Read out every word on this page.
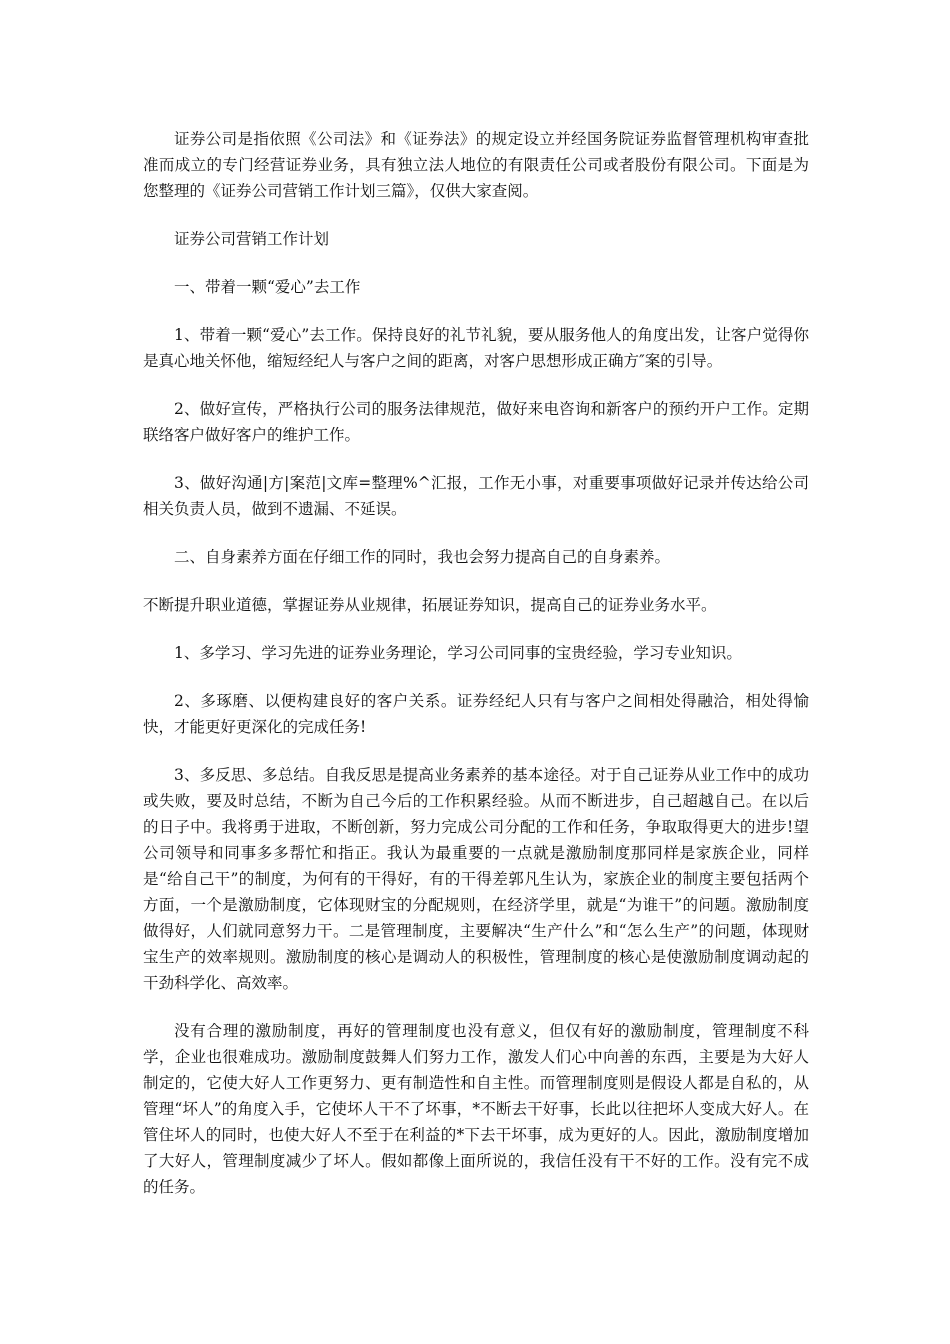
证券公司是指依照《公司法》和《证券法》的规定设立并经国务院证券监督管理机构审查批准而成立的专门经营证券业务，具有独立法人地位的有限责任公司或者股份有限公司。下面是为您整理的《证券公司营销工作计划三篇》，仅供大家查阅。

证券公司营销工作计划

一、带着一颗“爱心”去工作

1、带着一颗“爱心”去工作。保持良好的礼节礼貌，要从服务他人的角度出发，让客户觉得你是真心地关怀他，缩短经纪人与客户之间的距离，对客户思想形成正确方″案的引导。

2、做好宣传，严格执行公司的服务法律规范，做好来电咨询和新客户的预约开户工作。定期联络客户做好客户的维护工作。

3、做好沟通|方|案范|文库=整理%^汇报，工作无小事，对重要事项做好记录并传达给公司相关负责人员，做到不遗漏、不延误。

二、自身素养方面在仔细工作的同时，我也会努力提高自己的自身素养。

不断提升职业道德，掌握证券从业规律，拓展证券知识，提高自己的证券业务水平。

1、多学习、学习先进的证券业务理论，学习公司同事的宝贵经验，学习专业知识。

2、多琢磨、以便构建良好的客户关系。证券经纪人只有与客户之间相处得融洽，相处得愉快，才能更好更深化的完成任务!

3、多反思、多总结。自我反思是提高业务素养的基本途径。对于自己证券从业工作中的成功或失败，要及时总结，不断为自己今后的工作积累经验。从而不断进步，自己超越自己。在以后的日子中。我将勇于进取，不断创新，努力完成公司分配的工作和任务，争取取得更大的进步!望公司领导和同事多多帮忙和指正。我认为最重要的一点就是激励制度那同样是家族企业，同样是“给自己干”的制度，为何有的干得好，有的干得差郭凡生认为，家族企业的制度主要包括两个方面，一个是激励制度，它体现财宝的分配规则，在经济学里，就是“为谁干”的问题。激励制度做得好，人们就同意努力干。二是管理制度，主要解决“生产什么”和“怎么生产”的问题，体现财宝生产的效率规则。激励制度的核心是调动人的积极性，管理制度的核心是使激励制度调动起的干劲科学化、高效率。

没有合理的激励制度，再好的管理制度也没有意义，但仅有好的激励制度，管理制度不科学，企业也很难成功。激励制度鼓舞人们努力工作，激发人们心中向善的东西，主要是为大好人制定的，它使大好人工作更努力、更有制造性和自主性。而管理制度则是假设人都是自私的，从管理“坏人”的角度入手，它使坏人干不了坏事，*不断去干好事，长此以往把坏人变成大好人。在管住坏人的同时，也使大好人不至于在利益的*下去干坏事，成为更好的人。因此，激励制度增加了大好人，管理制度减少了坏人。假如都像上面所说的，我信任没有干不好的工作。没有完不成的任务。
